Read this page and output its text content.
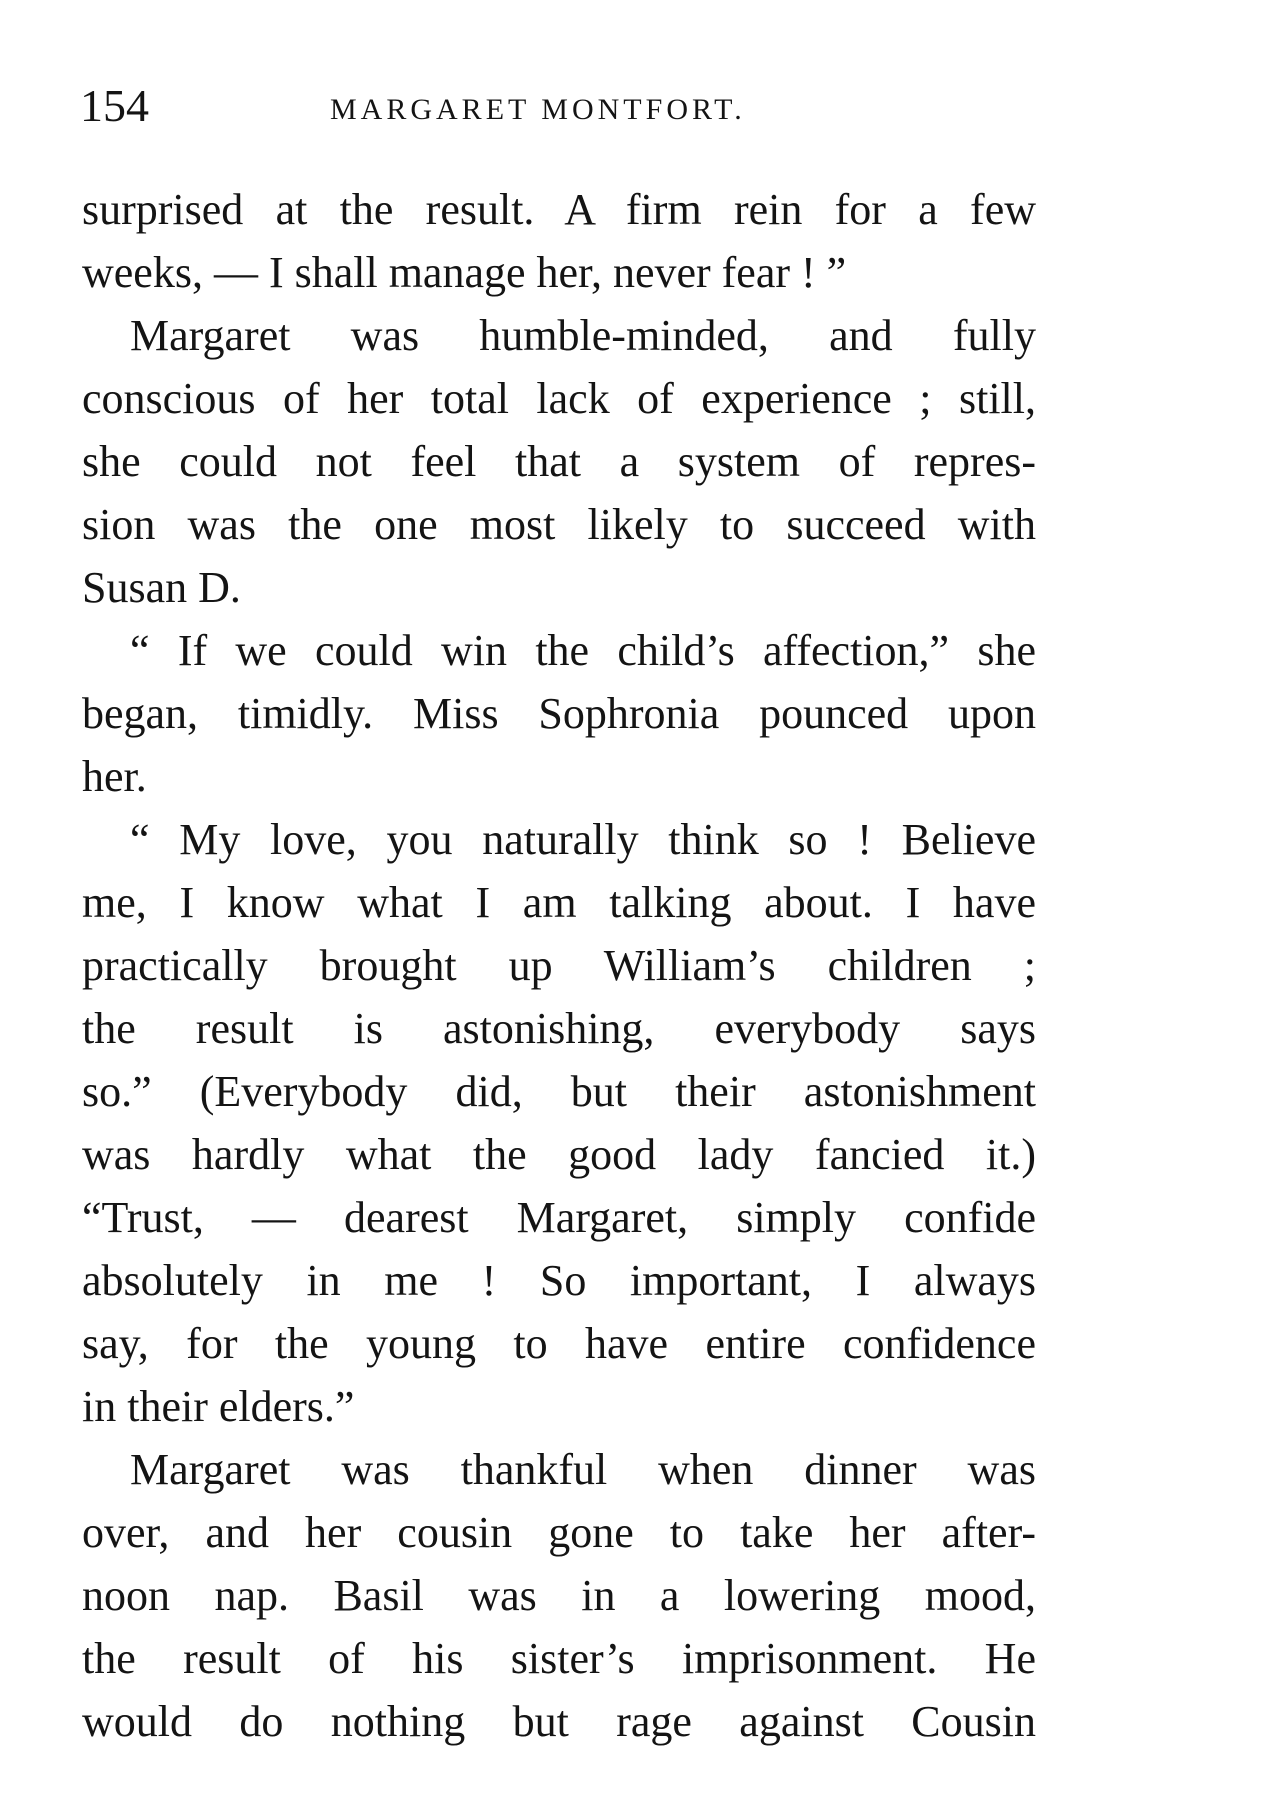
154	MARGARET MONTFORT.
surprised at the result. A firm rein for a few
weeks, — I shall manage her, never fear ! ”
Margaret was humble-minded, and fully
conscious of her total lack of experience ; still,
she could not feel that a system of repres-
sion was the one most likely to succeed with
Susan D.
“ If we could win the child’s affection,” she
began, timidly. Miss Sophronia pounced upon
her.
“ My love, you naturally think so ! Believe
me, I know what I am talking about. I have
practically brought up William’s children ;
the result is astonishing, everybody says
so.” (Everybody did, but their astonishment
was hardly what the good lady fancied it.)
“Trust, — dearest Margaret, simply confide
absolutely in me ! So important, I always
say, for the young to have entire confidence
in their elders.”
Margaret was thankful when dinner was
over, and her cousin gone to take her after-
noon nap. Basil was in a lowering mood,
the result of his sister’s imprisonment. He
would do nothing but rage against Cousin
